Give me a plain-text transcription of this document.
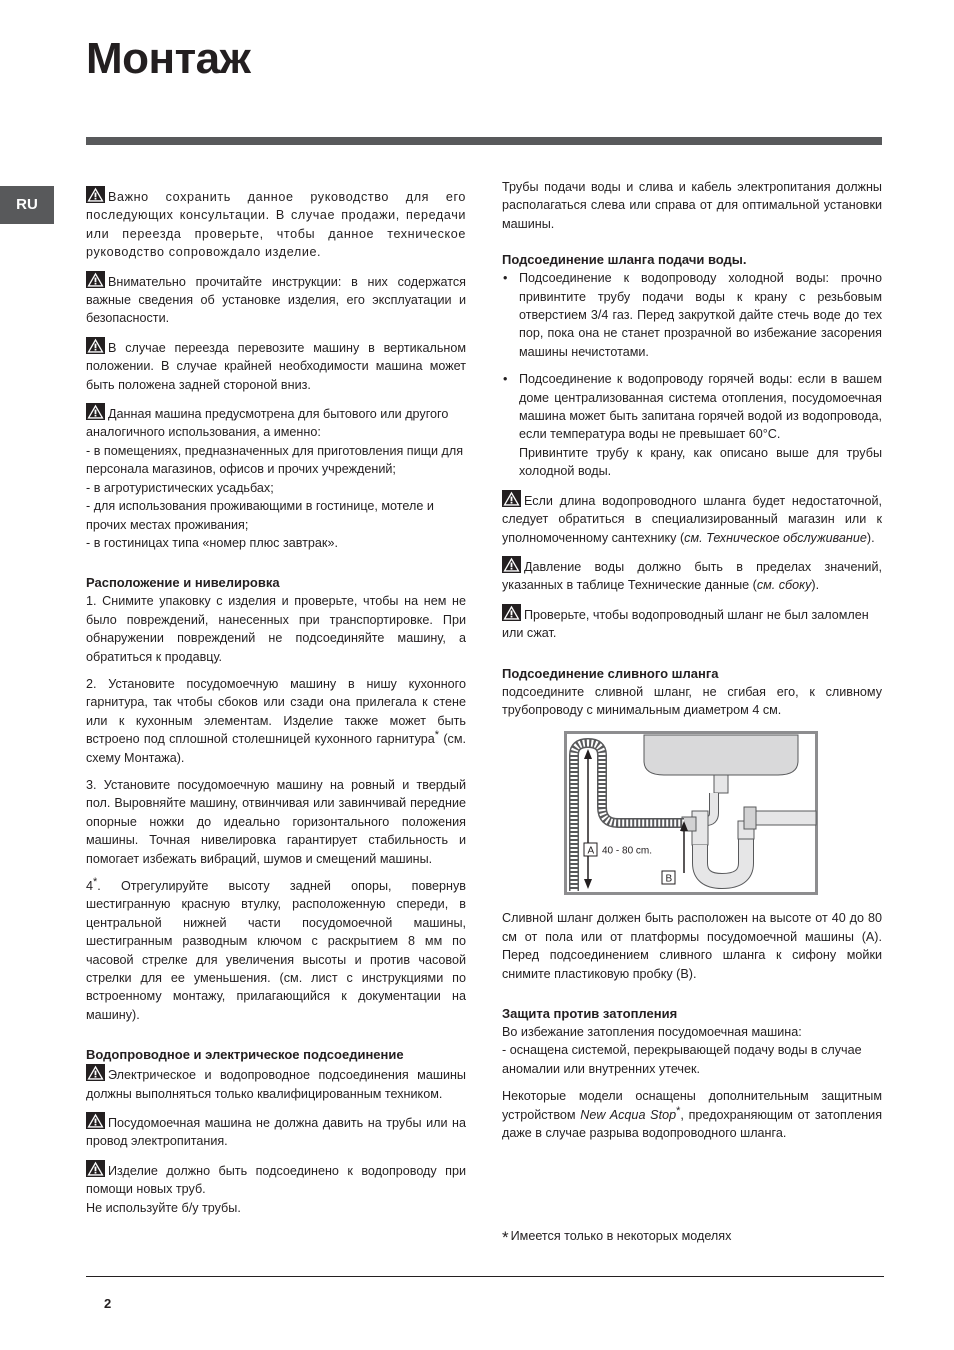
Монтаж
RU	Важно сохранить данное руководство для его последующих консультации. В случае продажи, передачи или переезда проверьте, чтобы данное техническое руководство сопровождало изделие.

Внимательно прочитайте инструкции: в них содержатся важные сведения об установке изделия, его эксплуатации и безопасности.

В случае переезда перевозите машину в вертикальном положении. В случае крайней необходимости машина может быть положена задней стороной вниз.

Данная машина предусмотрена для бытового или другого аналогичного использования, а именно:
- в помещениях, предназначенных для приготовления пищи для персонала магазинов, офисов и прочих учреждений;
- в агротуристических усадьбах;
- для использования проживающими в гостинице, мотеле и прочих местах проживания;
- в гостиницах типа «номер плюс завтрак».

Расположение и нивелировка

1. Снимите упаковку с изделия и проверьте, чтобы на нем не было повреждений, нанесенных при транспортировке. При обнаружении повреждений не подсоединяйте машину, а обратиться к продавцу.

2. Установите посудомоечную машину в нишу кухонного гарнитура, так чтобы сбоков или сзади она прилегала к стене или к кухонным элементам. Изделие также может быть встроено под сплошной столешницей кухонного гарнитура* (см. схему Монтажа).

3. Установите посудомоечную машину на ровный и твердый пол. Выровняйте машину, отвинчивая или завинчивай передние опорные ножки до идеально горизонтального положения машины. Точная нивелировка гарантирует стабильность и помогает избежать вибраций, шумов и смещений машины.

4*. Отрегулируйте высоту задней опоры, повернув шестигранную красную втулку, расположенную спереди, в центральной нижней части посудомоечной машины, шестигранным разводным ключом с раскрытием 8 мм по часовой стрелке для увеличения высоты и против часовой стрелки для ее уменьшения. (см. лист с инструкциями по встроенному монтажу, прилагающийся к документации на машину).

Водопроводное и электрическое подсоединение

Электрическое и водопроводное подсоединения машины должны выполняться только квалифицированным техником.

Посудомоечная машина не должна давить на трубы или на провод электропитания.

Изделие должно быть подсоединено к водопроводу при помощи новых труб.
Не используйте б/у трубы.

Трубы подачи воды и слива и кабель электропитания должны располагаться слева или справа от для оптимальной установки машины.

Подсоединение шланга подачи воды.
• Подсоединение к водопроводу холодной воды: прочно привинтите трубу подачи воды к крану с резьбовым отверстием 3/4 газ. Перед закруткой дайте стечь воде до тех пор, пока она не станет прозрачной во избежание засорения машины нечистотами.
• Подсоединение к водопроводу горячей воды: если в вашем доме централизованная система отопления, посудомоечная машина может быть запитана горячей водой из водопровода, если температура воды не превышает 60°C.
Привинтите трубу к крану, как описано выше для трубы холодной воды.

Если длина водопроводного шланга будет недостаточной, следует обратиться в специализированный магазин или к уполномоченному сантехнику (см. Техническое обслуживание).

Давление воды должно быть в пределах значений, указанных в таблице Технические данные (см. сбоку).

Проверьте, чтобы водопроводный шланг не был заломлен или сжат.

Подсоединение сливного шланга

подсоедините сливной шланг, не сгибая его, к сливному трубопроводу с минимальным диаметром 4 см.

A 40 - 80 cm.
B

Сливной шланг должен быть расположен на высоте от 40 до 80 см от пола или от платформы посудомоечной машины (A). Перед подсоединением сливного шланга к сифону мойки снимите пластиковую пробку (B).

Защита против затопления

Во избежание затопления посудомоечная машина:
- оснащена системой, перекрывающей подачу воды в случае аномалии или внутренних утечек.

Некоторые модели оснащены дополнительным защитным устройством New Acqua Stop*, предохраняющим от затопления даже в случае разрыва водопроводного шланга.

* Имеется только в некоторых моделях
2
